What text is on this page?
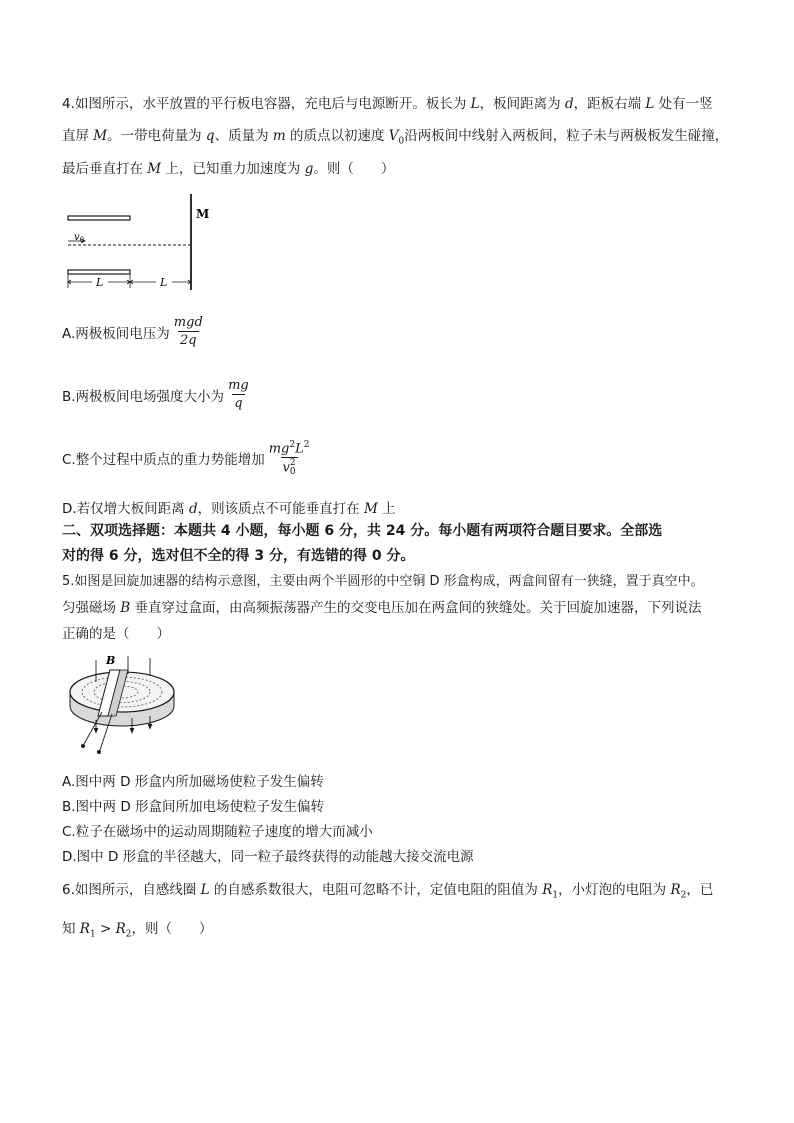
4.如图所示，水平放置的平行板电容器，充电后与电源断开。板长为 L，板间距离为 d，距板右端 L 处有一竖
直屏 M。一带电荷量为 q、质量为 m 的质点以初速度 $V_0$沿两板间中线射入两板间，粒子未与两极板发生碰撞，
最后垂直打在 M 上，已知重力加速度为 g。则（　　）
$v_0$
M
L	L
A.两极板间电压为 $\frac{\text{mgd}}{2q}$
B.两极板间电场强度大小为 $\frac{mg}{q}$
C.整个过程中质点的重力势能增加 $mg^2L^2$
v 2
0
D.若仅增大板间距离 d，则该质点不可能垂直打在 M 上
二、双项选择题：本题共 4 小题，每小题 6 分，共 24 分。每小题有两项符合题目要求。全部选
对的得 6 分，选对但不全的得 3 分，有选错的得 0 分。
5.如图是回旋加速器的结构示意图，主要由两个半圆形的中空铜 D 形盒构成，两盒间留有一狭缝，置于真空中。
匀强磁场 B 垂直穿过盒面，由高频振荡器产生的交变电压加在两盒间的狭缝处。关于回旋加速器，下列说法
正确的是（　　）
B
A.图中两 D 形盒内所加磁场使粒子发生偏转
B.图中两 D 形盒间所加电场使粒子发生偏转
C.粒子在磁场中的运动周期随粒子速度的增大而减小
D.图中 D 形盒的半径越大，同一粒子最终获得的动能越大接交流电源
6.如图所示，自感线圈 L 的自感系数很大，电阻可忽略不计，定值电阻的阻值为 $R_1$，小灯泡的电阻为 $R_2$，已
知 $R_1 > R_2$，则（　　）
